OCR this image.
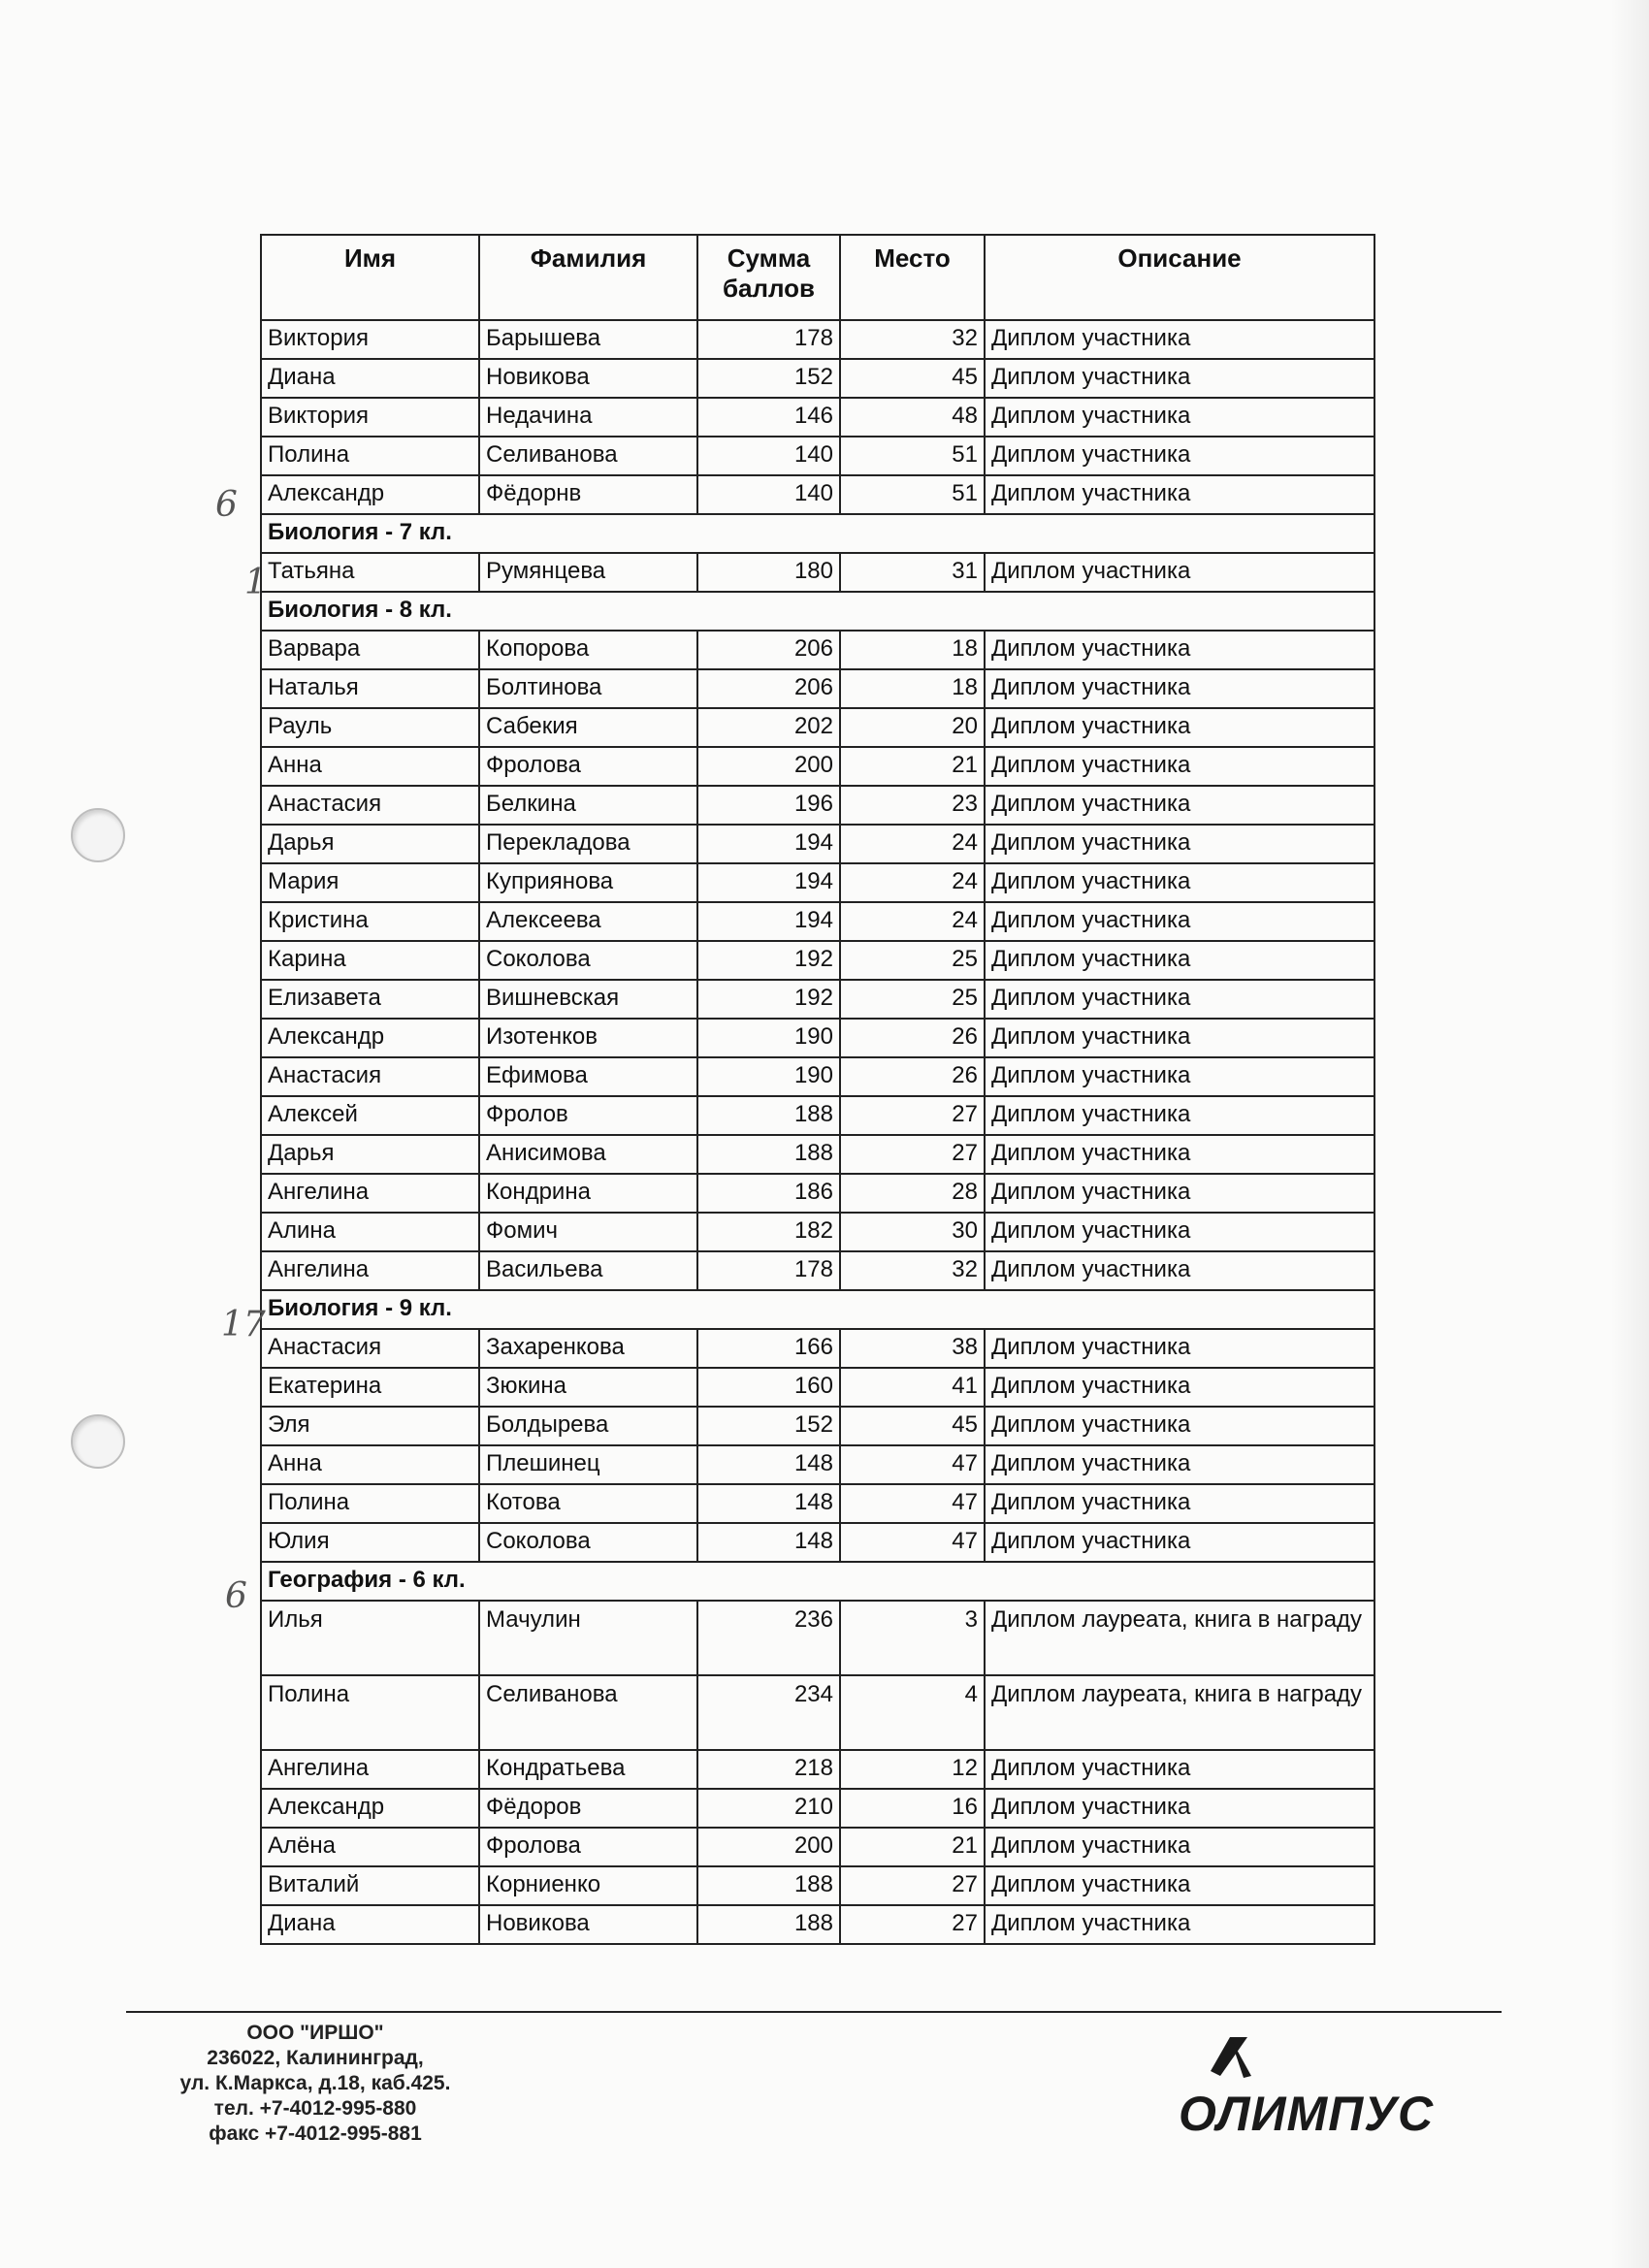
Имя	Фамилия	Сумма баллов	Место	Описание
Виктория	Барышева	178	32	Диплом участника
Диана	Новикова	152	45	Диплом участника
Виктория	Недачина	146	48	Диплом участника
Полина	Селиванова	140	51	Диплом участника
Александр	Фёдорнв	140	51	Диплом участника
Биология - 7 кл.				
Татьяна	Румянцева	180	31	Диплом участника
Биология - 8 кл.				
Варвара	Копорова	206	18	Диплом участника
Наталья	Болтинова	206	18	Диплом участника
Рауль	Сабекия	202	20	Диплом участника
Анна	Фролова	200	21	Диплом участника
Анастасия	Белкина	196	23	Диплом участника
Дарья	Перекладова	194	24	Диплом участника
Мария	Куприянова	194	24	Диплом участника
Кристина	Алексеева	194	24	Диплом участника
Карина	Соколова	192	25	Диплом участника
Елизавета	Вишневская	192	25	Диплом участника
Александр	Изотенков	190	26	Диплом участника
Анастасия	Ефимова	190	26	Диплом участника
Алексей	Фролов	188	27	Диплом участника
Дарья	Анисимова	188	27	Диплом участника
Ангелина	Кондрина	186	28	Диплом участника
Алина	Фомич	182	30	Диплом участника
Ангелина	Васильева	178	32	Диплом участника
Биология - 9 кл.				
Анастасия	Захаренкова	166	38	Диплом участника
Екатерина	Зюкина	160	41	Диплом участника
Эля	Болдырева	152	45	Диплом участника
Анна	Плешинец	148	47	Диплом участника
Полина	Котова	148	47	Диплом участника
Юлия	Соколова	148	47	Диплом участника
География - 6 кл.				
Илья	Мачулин	236	3	Диплом лауреата, книга в награду
Полина	Селиванова	234	4	Диплом лауреата, книга в награду
Ангелина	Кондратьева	218	12	Диплом участника
Александр	Фёдоров	210	16	Диплом участника
Алёна	Фролова	200	21	Диплом участника
Виталий	Корниенко	188	27	Диплом участника
Диана	Новикова	188	27	Диплом участника
6
1
17
6
ООО "ИРШО"
236022, Калининград,
ул. К.Маркса, д.18, каб.425.
тел. +7-4012-995-880
факс +7-4012-995-881	ОЛИМПУС
